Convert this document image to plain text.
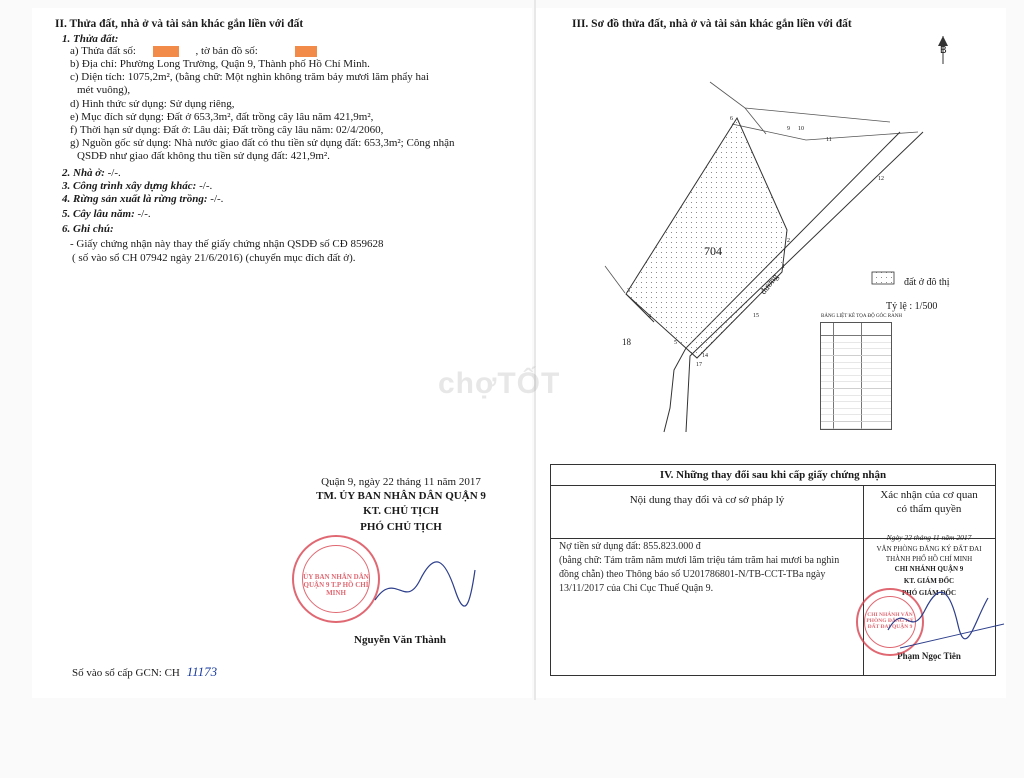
II. Thửa đất, nhà ở và tài sản khác gắn liền với đất
1. Thửa đất:
a) Thửa đất số:	, tờ bản đồ số:
b) Địa chỉ: Phường Long Trường, Quận 9, Thành phố Hồ Chí Minh.
c) Diện tích: 1075,2m², (bằng chữ: Một nghìn không trăm bảy mươi lăm phẩy hai
mét vuông),
d) Hình thức sử dụng: Sử dụng riêng,
e) Mục đích sử dụng: Đất ở 653,3m², đất trồng cây lâu năm 421,9m²,
f) Thời hạn sử dụng: Đất ở: Lâu dài; Đất trồng cây lâu năm: 02/4/2060,
g) Nguồn gốc sử dụng: Nhà nước giao đất có thu tiền sử dụng đất: 653,3m²; Công nhận
QSDĐ như giao đất không thu tiền sử dụng đất: 421,9m².
2. Nhà ở: -/-.
3. Công trình xây dựng khác: -/-.
4. Rừng sản xuất là rừng trồng: -/-.
5. Cây lâu năm: -/-.
6. Ghi chú:
- Giấy chứng nhận này thay thế giấy chứng nhận QSDĐ số CĐ 859628
( số vào sổ CH 07942 ngày 21/6/2016) (chuyển mục đích đất ở).
Quận 9, ngày 22 tháng 11 năm 2017
TM. ỦY BAN NHÂN DÂN QUẬN 9
KT. CHỦ TỊCH
PHÓ CHỦ TỊCH
ỦY BAN NHÂN DÂN QUẬN 9 T.P HỒ CHÍ MINH
Nguyễn Văn Thành
Số vào sổ cấp GCN: CH 11173
III. Sơ đồ thửa đất, nhà ở và tài sản khác gắn liền với đất
B
704
đường
18
đất ở đô thị
Tỷ lệ : 1/500
6
9 10
11
12
2
1
3
4
5
14
15
17
BẢNG LIỆT KÊ TỌA ĐỘ GÓC RANH
chợTỐT
IV. Những thay đổi sau khi cấp giấy chứng nhận
Nội dung thay đổi và cơ sở pháp lý	Xác nhận của cơ quan
có thẩm quyền
Nợ tiền sử dụng đất: 855.823.000 đ
(bằng chữ: Tám trăm năm mươi lăm triệu tám trăm hai mươi ba nghìn
đồng chẵn) theo Thông báo số U201786801-N/TB-CCT-TBa ngày
13/11/2017 của Chi Cục Thuế Quận 9.
Ngày 22 tháng 11 năm 2017
VĂN PHÒNG ĐĂNG KÝ ĐẤT ĐAI
THÀNH PHỐ HỒ CHÍ MINH
CHI NHÁNH QUẬN 9
KT. GIÁM ĐỐC
PHÓ GIÁM ĐỐC
Phạm Ngọc Tiên
CHI NHÁNH VĂN PHÒNG ĐĂNG KÝ ĐẤT ĐAI QUẬN 9
